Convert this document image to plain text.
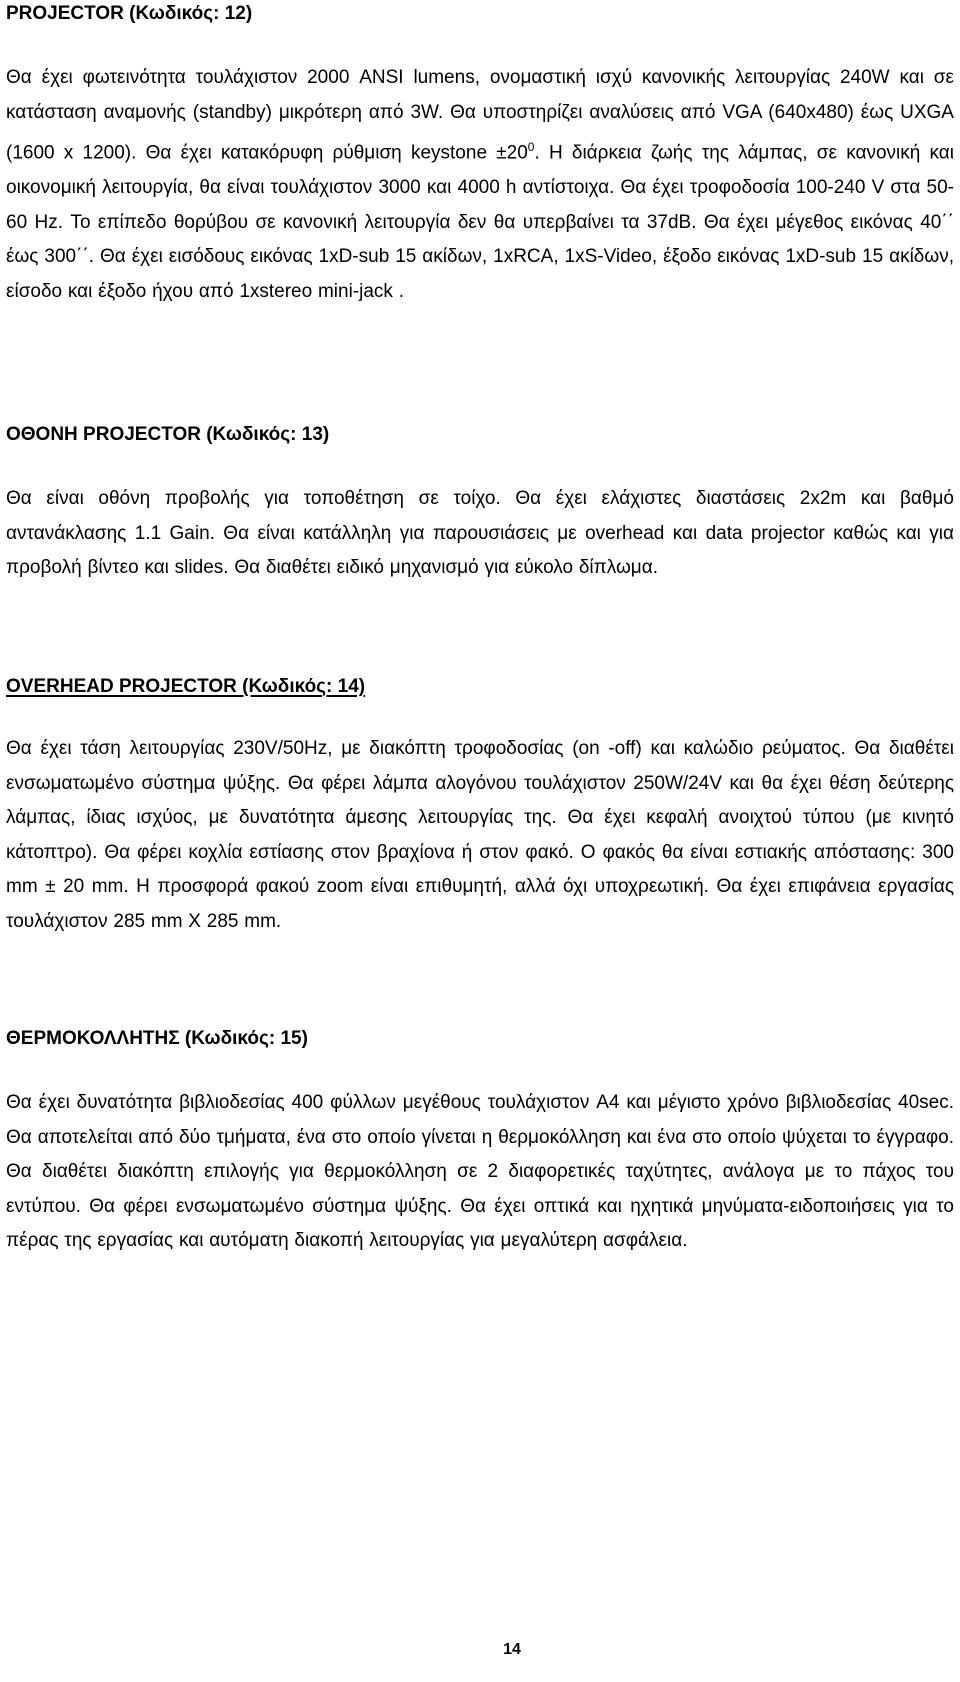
PROJECTOR (Κωδικός: 12)

Θα έχει φωτεινότητα τουλάχιστον 2000 ANSI lumens, ονομαστική ισχύ κανονικής λειτουργίας 240W και σε κατάσταση αναμονής (standby) μικρότερη από 3W. Θα υποστηρίζει αναλύσεις από VGA (640x480) έως UXGA (1600 x 1200). Θα έχει κατακόρυφη ρύθμιση keystone $\pm 20^0$. Η διάρκεια ζωής της λάμπας, σε κανονική και οικονομική λειτουργία, θα είναι τουλάχιστον 3000 και 4000 h αντίστοιχα. Θα έχει τροφοδοσία 100-240 V στα 50-60 Hz. Το επίπεδο θορύβου σε κανονική λειτουργία δεν θα υπερβαίνει τα 37dB. Θα έχει μέγεθος εικόνας 40΄΄ έως 300΄΄. Θα έχει εισόδους εικόνας 1xD-sub 15 ακίδων, 1xRCA, 1xS-Video, έξοδο εικόνας 1xD-sub 15 ακίδων, είσοδο και έξοδο ήχου από 1xstereo mini-jack .

ΟΘΟΝΗ PROJECTOR (Κωδικός: 13)

Θα είναι οθόνη προβολής για τοποθέτηση σε τοίχο. Θα έχει ελάχιστες διαστάσεις 2x2m και βαθμό αντανάκλασης 1.1 Gain. Θα είναι κατάλληλη για παρουσιάσεις με overhead και data projector καθώς και για προβολή βίντεο και slides. Θα διαθέτει ειδικό μηχανισμό για εύκολο δίπλωμα.

OVERHEAD PROJECTOR (Κωδικός: 14)

Θα έχει τάση λειτουργίας 230V/50Hz, με διακόπτη τροφοδοσίας (on -off) και καλώδιο ρεύματος. Θα διαθέτει ενσωματωμένο σύστημα ψύξης. Θα φέρει λάμπα αλογόνου τουλάχιστον 250W/24V και θα έχει θέση δεύτερης λάμπας, ίδιας ισχύος, με δυνατότητα άμεσης λειτουργίας της. Θα έχει κεφαλή ανοιχτού τύπου (με κινητό κάτοπτρο). Θα φέρει κοχλία εστίασης στον βραχίονα ή στον φακό. Ο φακός θα είναι εστιακής απόστασης: 300 mm ± 20 mm. Η προσφορά φακού zoom είναι επιθυμητή, αλλά όχι υποχρεωτική. Θα έχει επιφάνεια εργασίας τουλάχιστον 285 mm X 285 mm.

ΘΕΡΜΟΚΟΛΛΗΤΗΣ (Κωδικός: 15)

Θα έχει δυνατότητα βιβλιοδεσίας 400 φύλλων μεγέθους τουλάχιστον A4 και μέγιστο χρόνο βιβλιοδεσίας 40sec. Θα αποτελείται από δύο τμήματα, ένα στο οποίο γίνεται η θερμοκόλληση και ένα στο οποίο ψύχεται το έγγραφο. Θα διαθέτει διακόπτη επιλογής για θερμοκόλληση σε 2 διαφορετικές ταχύτητες, ανάλογα με το πάχος του εντύπου. Θα φέρει ενσωματωμένο σύστημα ψύξης. Θα έχει οπτικά και ηχητικά μηνύματα-ειδοποιήσεις για το πέρας της εργασίας και αυτόματη διακοπή λειτουργίας για μεγαλύτερη ασφάλεια.

14
